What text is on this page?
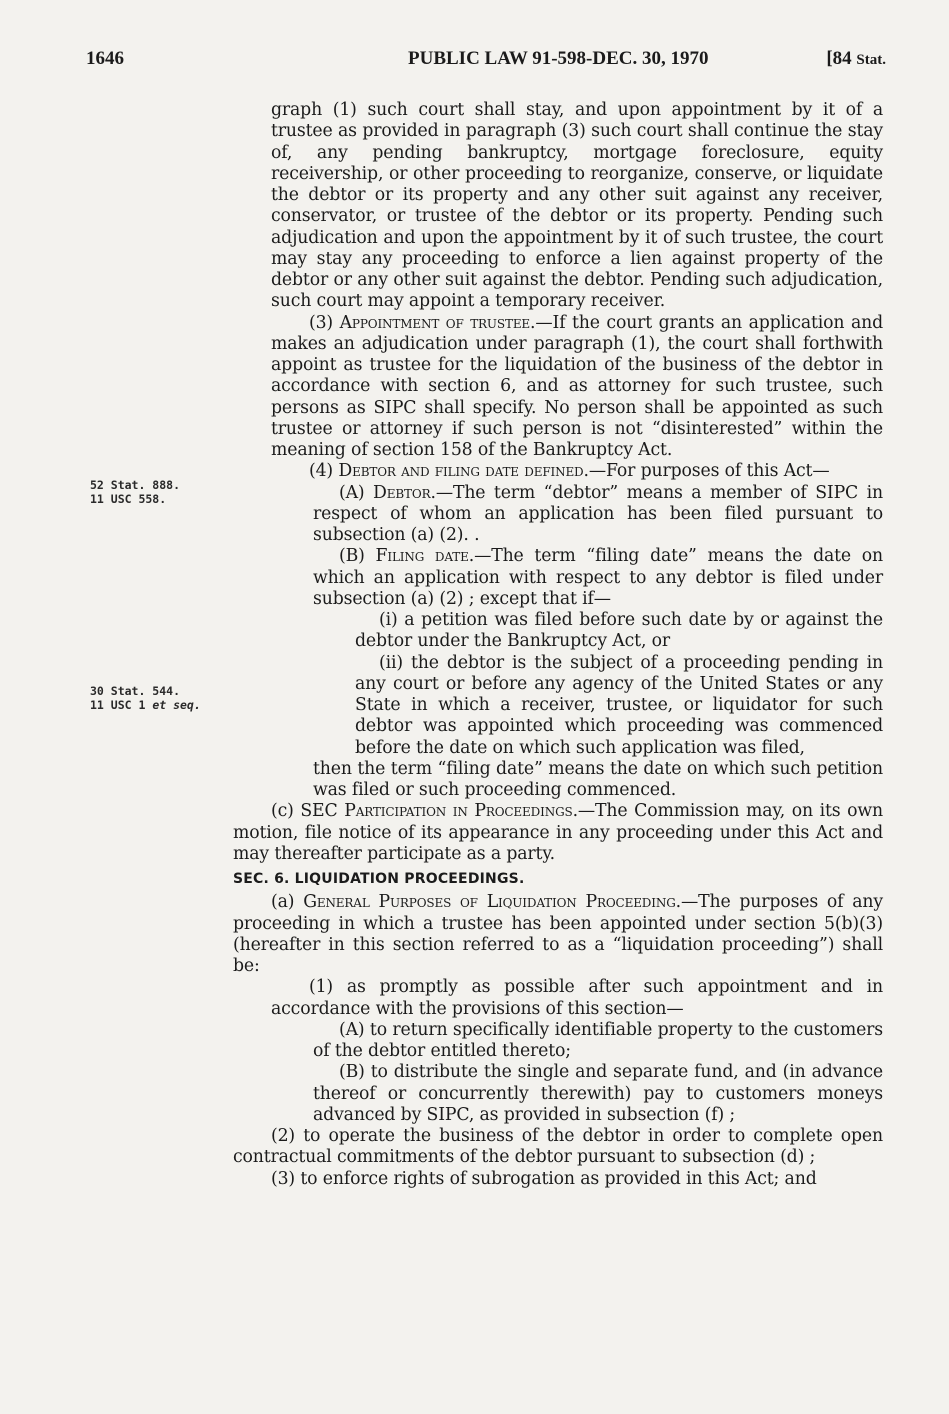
1646	PUBLIC LAW 91-598-DEC. 30, 1970	[84 Stat.
52 Stat. 888.
11 USC 558.
30 Stat. 544.
11 USC 1 et seq.

graph (1) such court shall stay, and upon appointment by it of a trustee as provided in paragraph (3) such court shall continue the stay of, any pending bankruptcy, mortgage foreclosure, equity receivership, or other proceeding to reorganize, conserve, or liquidate the debtor or its property and any other suit against any receiver, conservator, or trustee of the debtor or its property. Pending such adjudication and upon the appointment by it of such trustee, the court may stay any proceeding to enforce a lien against property of the debtor or any other suit against the debtor. Pending such adjudication, such court may appoint a temporary receiver.

(3) Appointment of trustee.—If the court grants an application and makes an adjudication under paragraph (1), the court shall forthwith appoint as trustee for the liquidation of the business of the debtor in accordance with section 6, and as attorney for such trustee, such persons as SIPC shall specify. No person shall be appointed as such trustee or attorney if such person is not “disinterested” within the meaning of section 158 of the Bankruptcy Act.

(4) Debtor and filing date defined.—For purposes of this Act—

(A) Debtor.—The term “debtor” means a member of SIPC in respect of whom an application has been filed pursuant to subsection (a) (2). .

(B) Filing date.—The term “filing date” means the date on which an application with respect to any debtor is filed under subsection (a) (2) ; except that if—

(i) a petition was filed before such date by or against the debtor under the Bankruptcy Act, or

(ii) the debtor is the subject of a proceeding pending in any court or before any agency of the United States or any State in which a receiver, trustee, or liquidator for such debtor was appointed which proceeding was commenced before the date on which such application was filed,

then the term “filing date” means the date on which such petition was filed or such proceeding commenced.

(c) SEC Participation in Proceedings.—The Commission may, on its own motion, file notice of its appearance in any proceeding under this Act and may thereafter participate as a party.

SEC. 6. LIQUIDATION PROCEEDINGS.

(a) General Purposes of Liquidation Proceeding.—The purposes of any proceeding in which a trustee has been appointed under section 5(b)(3) (hereafter in this section referred to as a “liquidation proceeding”) shall be:

(1) as promptly as possible after such appointment and in accordance with the provisions of this section—

(A) to return specifically identifiable property to the customers of the debtor entitled thereto;

(B) to distribute the single and separate fund, and (in advance thereof or concurrently therewith) pay to customers moneys advanced by SIPC, as provided in subsection (f) ;

(2) to operate the business of the debtor in order to complete open contractual commitments of the debtor pursuant to subsection (d) ;

(3) to enforce rights of subrogation as provided in this Act; and
